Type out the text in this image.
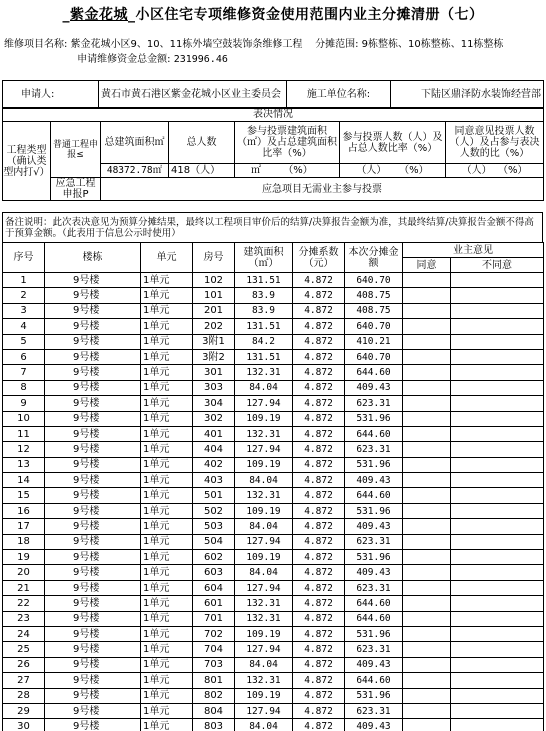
_紫金花城_小区住宅专项维修资金使用范围内业主分摊清册（七）
维修项目名称: 紫金花城小区9、10、11栋外墙空鼓装饰条维修工程 分摊范围: 9栋整栋、10栋整栋、11栋整栋
申请维修资金总金额: 231996.46
申请人:	黄石市黄石港区紫金花城小区业主委员会	施工单位名称:	下陆区鼎泽防水装饰经营部
表决情况						
工程类型（确认类型内打√）	普通工程申报≤	总建筑面积㎡	总人数	参与投票建筑面积（㎡）及占总建筑面积比率（%）	参与投票人数（人）及占总人数比率（%）	同意意见投票人数（人）及占参与表决人数的比（%）
		48372.78㎡	418（人）	㎡ （%）	（人） （%）	（人） （%）
	应急工程申报P	应急项目无需业主参与投票				
备注说明：此次表决意见为预算分摊结果，最终以工程项目审价后的结算/决算报告金额为准，其最终结算/决算报告金额不得高于预算金额。（此表用于信息公示时使用）
序号	楼栋	单元	房号	建筑面积（㎡）	分摊系数（元）	本次分摊金额	业主意见	
							同意	不同意
1	9号楼	1单元	102	131.51	4.872	640.70		
2	9号楼	1单元	101	83.9	4.872	408.75		
3	9号楼	1单元	201	83.9	4.872	408.75		
4	9号楼	1单元	202	131.51	4.872	640.70		
5	9号楼	1单元	3附1	84.2	4.872	410.21		
6	9号楼	1单元	3附2	131.51	4.872	640.70		
7	9号楼	1单元	301	132.31	4.872	644.60		
8	9号楼	1单元	303	84.04	4.872	409.43		
9	9号楼	1单元	304	127.94	4.872	623.31		
10	9号楼	1单元	302	109.19	4.872	531.96		
11	9号楼	1单元	401	132.31	4.872	644.60		
12	9号楼	1单元	404	127.94	4.872	623.31		
13	9号楼	1单元	402	109.19	4.872	531.96		
14	9号楼	1单元	403	84.04	4.872	409.43		
15	9号楼	1单元	501	132.31	4.872	644.60		
16	9号楼	1单元	502	109.19	4.872	531.96		
17	9号楼	1单元	503	84.04	4.872	409.43		
18	9号楼	1单元	504	127.94	4.872	623.31		
19	9号楼	1单元	602	109.19	4.872	531.96		
20	9号楼	1单元	603	84.04	4.872	409.43		
21	9号楼	1单元	604	127.94	4.872	623.31		
22	9号楼	1单元	601	132.31	4.872	644.60		
23	9号楼	1单元	701	132.31	4.872	644.60		
24	9号楼	1单元	702	109.19	4.872	531.96		
25	9号楼	1单元	704	127.94	4.872	623.31		
26	9号楼	1单元	703	84.04	4.872	409.43		
27	9号楼	1单元	801	132.31	4.872	644.60		
28	9号楼	1单元	802	109.19	4.872	531.96		
29	9号楼	1单元	804	127.94	4.872	623.31		
30	9号楼	1单元	803	84.04	4.872	409.43		
